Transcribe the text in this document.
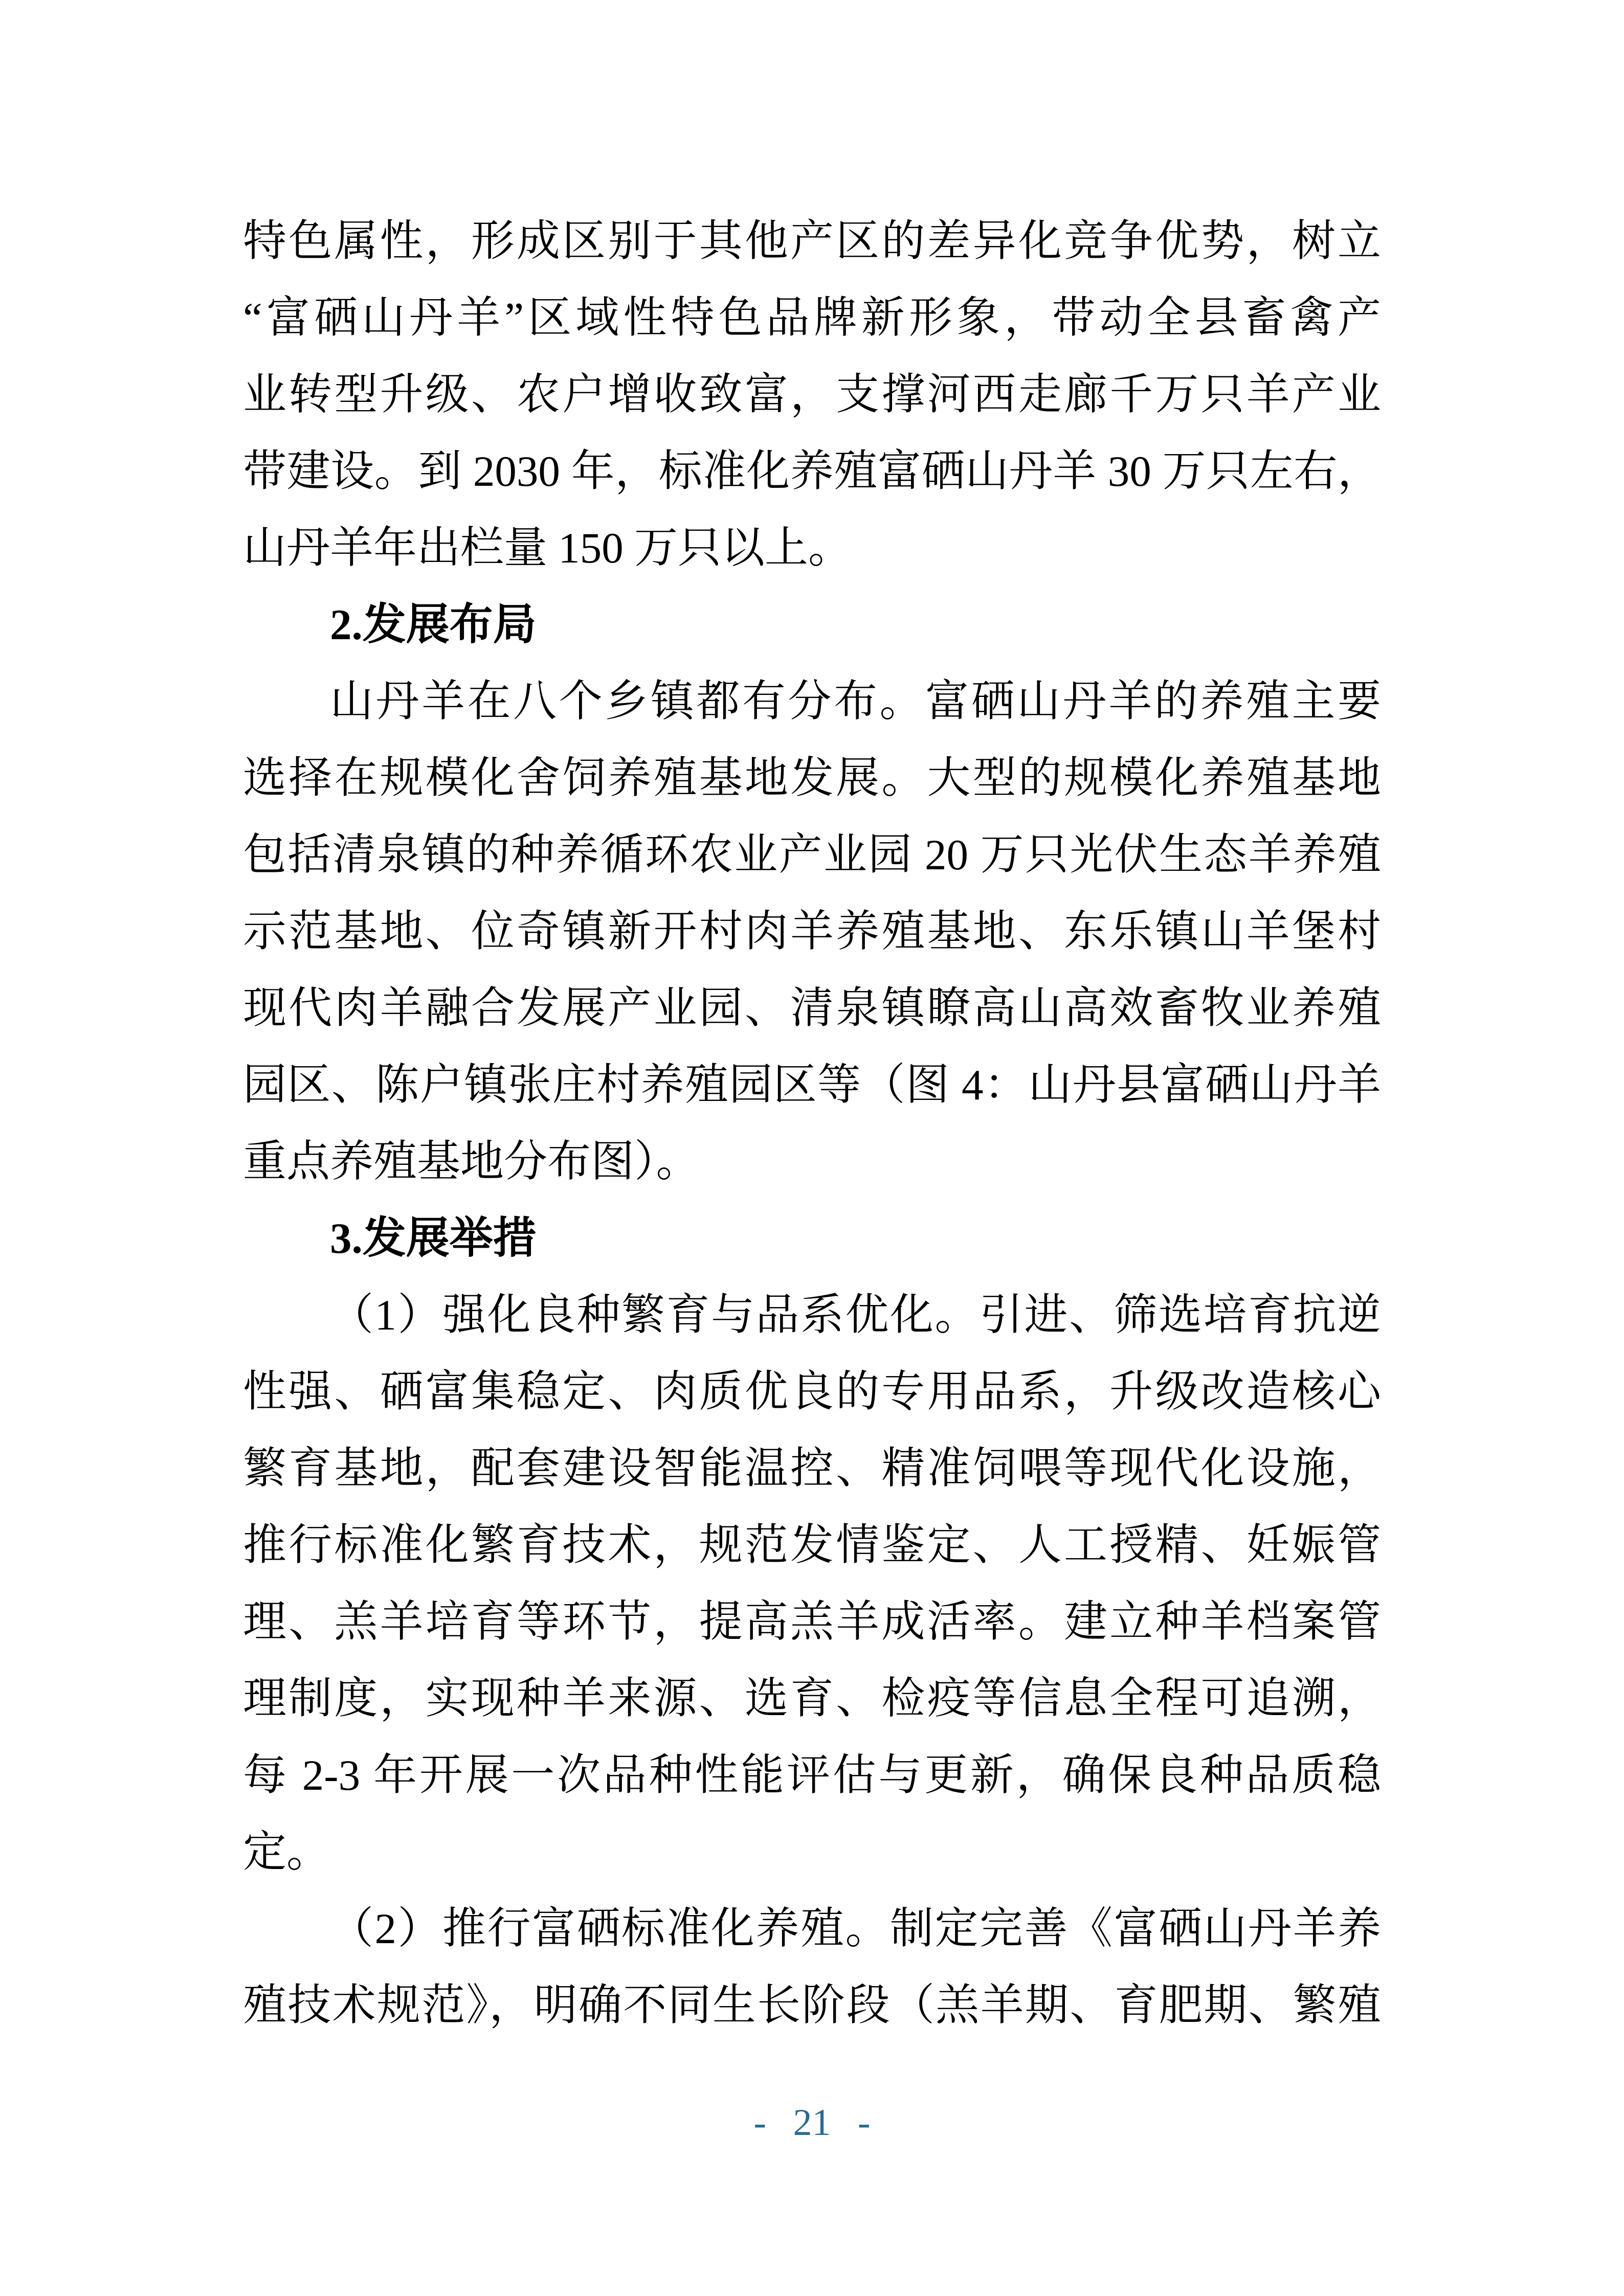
特色属性，形成区别于其他产区的差异化竞争优势，树立
“富硒山丹羊”区域性特色品牌新形象，带动全县畜禽产
业转型升级、农户增收致富，支撑河西走廊千万只羊产业
带建设。到 2030 年，标准化养殖富硒山丹羊 30 万只左右，
山丹羊年出栏量 150 万只以上。
2.发展布局
山丹羊在八个乡镇都有分布。富硒山丹羊的养殖主要
选择在规模化舍饲养殖基地发展。大型的规模化养殖基地
包括清泉镇的种养循环农业产业园 20 万只光伏生态羊养殖
示范基地、位奇镇新开村肉羊养殖基地、东乐镇山羊堡村
现代肉羊融合发展产业园、清泉镇瞭高山高效畜牧业养殖
园区、陈户镇张庄村养殖园区等（图 4：山丹县富硒山丹羊
重点养殖基地分布图）。
3.发展举措
（1）强化良种繁育与品系优化。引进、筛选培育抗逆
性强、硒富集稳定、肉质优良的专用品系，升级改造核心
繁育基地，配套建设智能温控、精准饲喂等现代化设施，
推行标准化繁育技术，规范发情鉴定、人工授精、妊娠管
理、羔羊培育等环节，提高羔羊成活率。建立种羊档案管
理制度，实现种羊来源、选育、检疫等信息全程可追溯，
每 2-3 年开展一次品种性能评估与更新，确保良种品质稳
定。
（2）推行富硒标准化养殖。制定完善《富硒山丹羊养
殖技术规范》，明确不同生长阶段（羔羊期、育肥期、繁殖
- 21 -
